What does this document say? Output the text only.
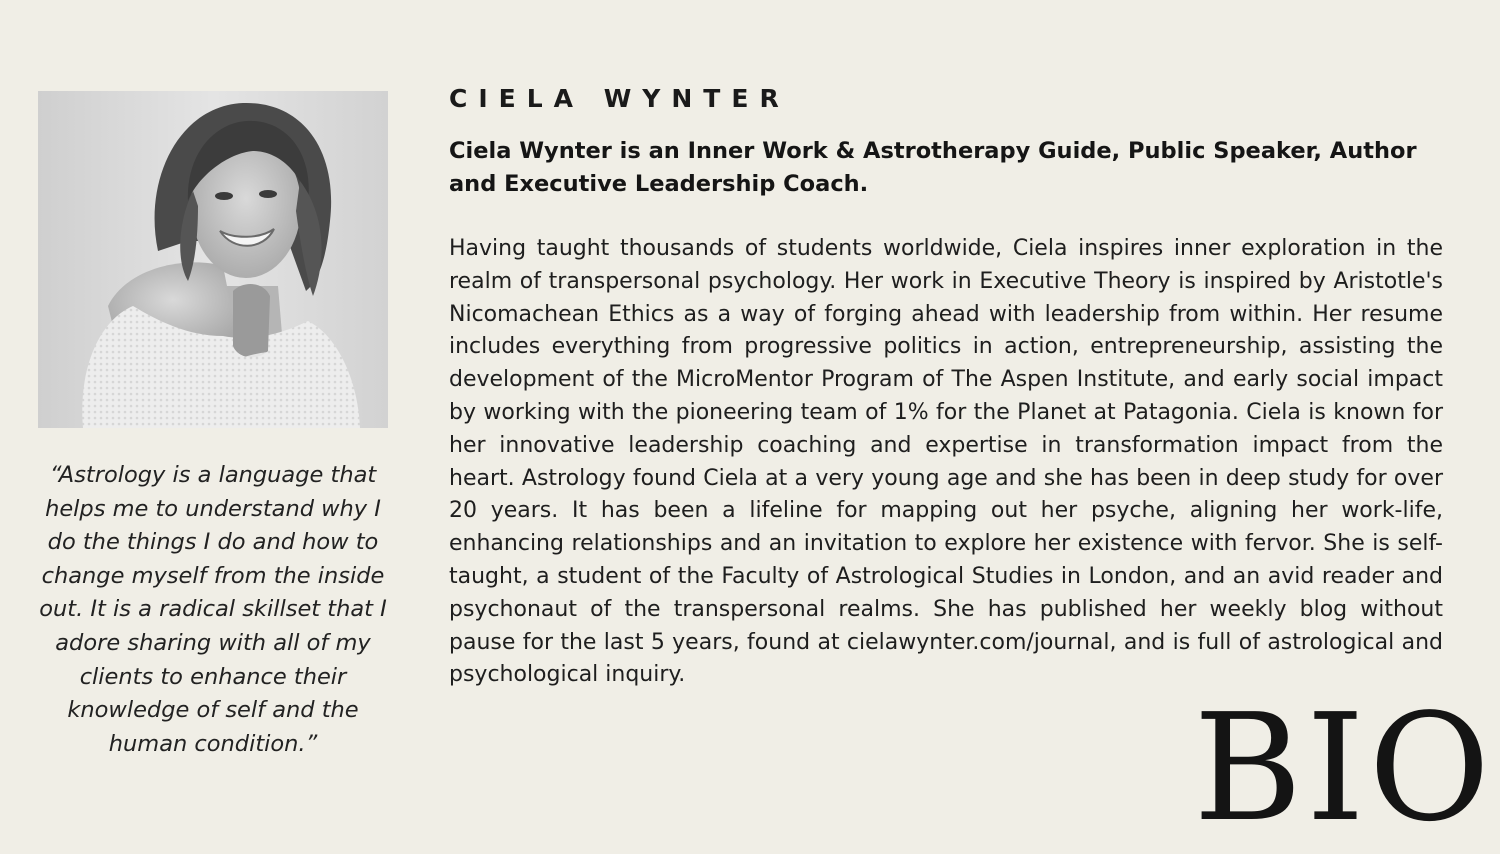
“Astrology is a language that helps me to understand why I do the things I do and how to change myself from the inside out. It is a radical skillset that I adore sharing with all of my clients to enhance their knowledge of self and the human condition.”

CIELA WYNTER

Ciela Wynter is an Inner Work & Astrotherapy Guide, Public Speaker, Author and Executive Leadership Coach.

Having taught thousands of students worldwide, Ciela inspires inner exploration in the realm of transpersonal psychology. Her work in Executive Theory is inspired by Aristotle's Nicomachean Ethics as a way of forging ahead with leadership from within. Her resume includes everything from progressive politics in action, entrepreneurship, assisting the development of the MicroMentor Program of The Aspen Institute, and early social impact by working with the pioneering team of 1% for the Planet at Patagonia. Ciela is known for her innovative leadership coaching and expertise in transformation impact from the heart. Astrology found Ciela at a very young age and she has been in deep study for over 20 years. It has been a lifeline for mapping out her psyche, aligning her work-life, enhancing relationships and an invitation to explore her existence with fervor. She is self-taught, a student of the Faculty of Astrological Studies in London, and an avid reader and psychonaut of the transpersonal realms. She has published her weekly blog without pause for the last 5 years, found at cielawynter.com/journal, and is full of astrological and psychological inquiry.

BIO
